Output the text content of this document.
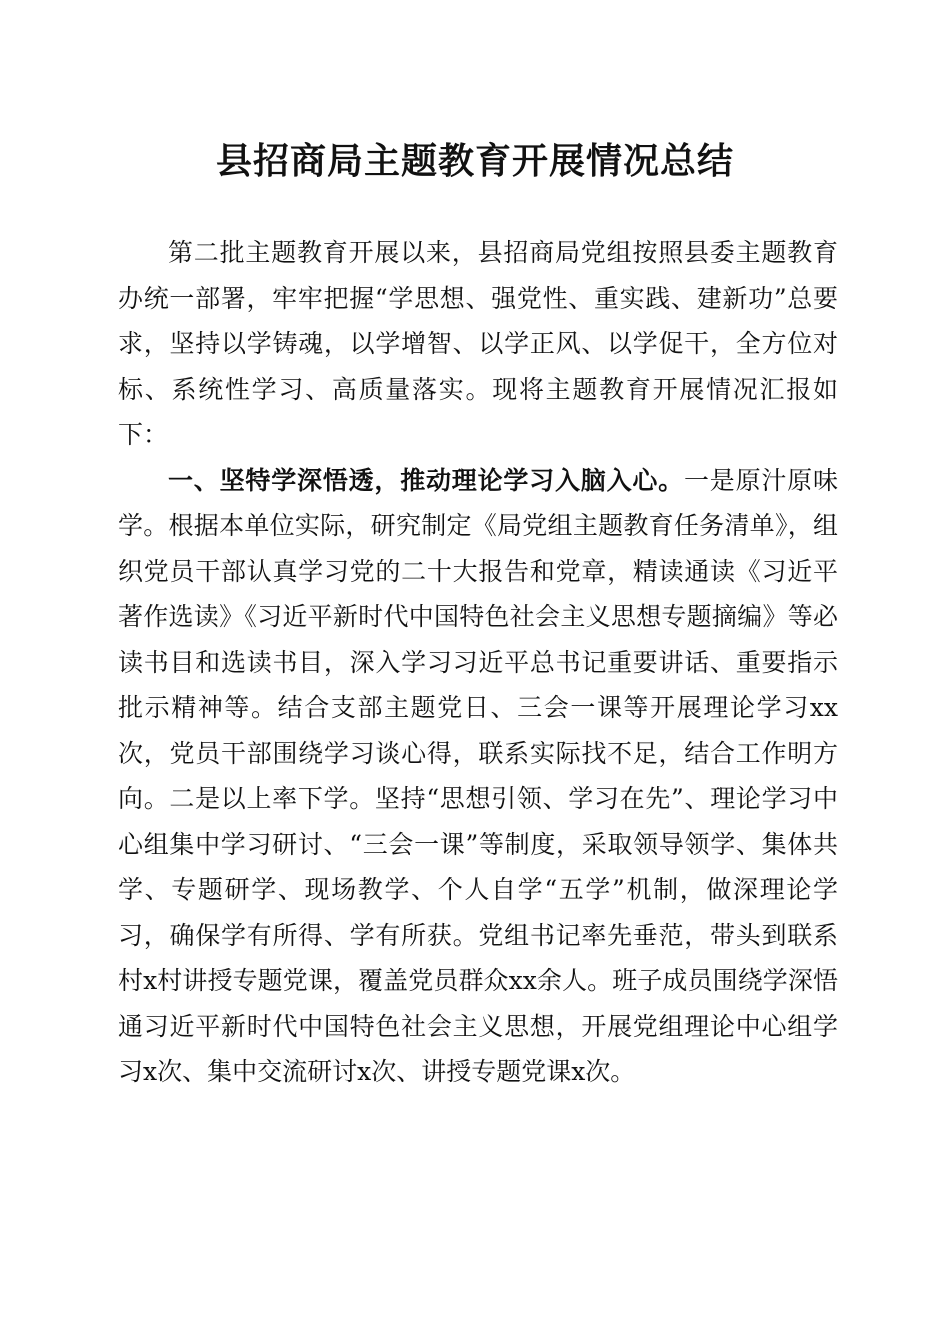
县招商局主题教育开展情况总结

第二批主题教育开展以来，县招商局党组按照县委主题教育办统一部署，牢牢把握“学思想、强党性、重实践、建新功”总要求，坚持以学铸魂，以学增智、以学正风、以学促干，全方位对标、系统性学习、高质量落实。现将主题教育开展情况汇报如下：

一、坚特学深悟透，推动理论学习入脑入心。一是原汁原味学。根据本单位实际，研究制定《局党组主题教育任务清单》，组织党员干部认真学习党的二十大报告和党章，精读通读《习近平著作选读》《习近平新时代中国特色社会主义思想专题摘编》等必读书目和选读书目，深入学习习近平总书记重要讲话、重要指示批示精神等。结合支部主题党日、三会一课等开展理论学习xx次，党员干部围绕学习谈心得，联系实际找不足，结合工作明方向。二是以上率下学。坚持“思想引领、学习在先”、理论学习中心组集中学习研讨、“三会一课”等制度，采取领导领学、集体共学、专题研学、现场教学、个人自学“五学”机制，做深理论学习，确保学有所得、学有所获。党组书记率先垂范，带头到联系村x村讲授专题党课，覆盖党员群众xx余人。班子成员围绕学深悟通习近平新时代中国特色社会主义思想，开展党组理论中心组学习x次、集中交流研讨x次、讲授专题党课x次。
